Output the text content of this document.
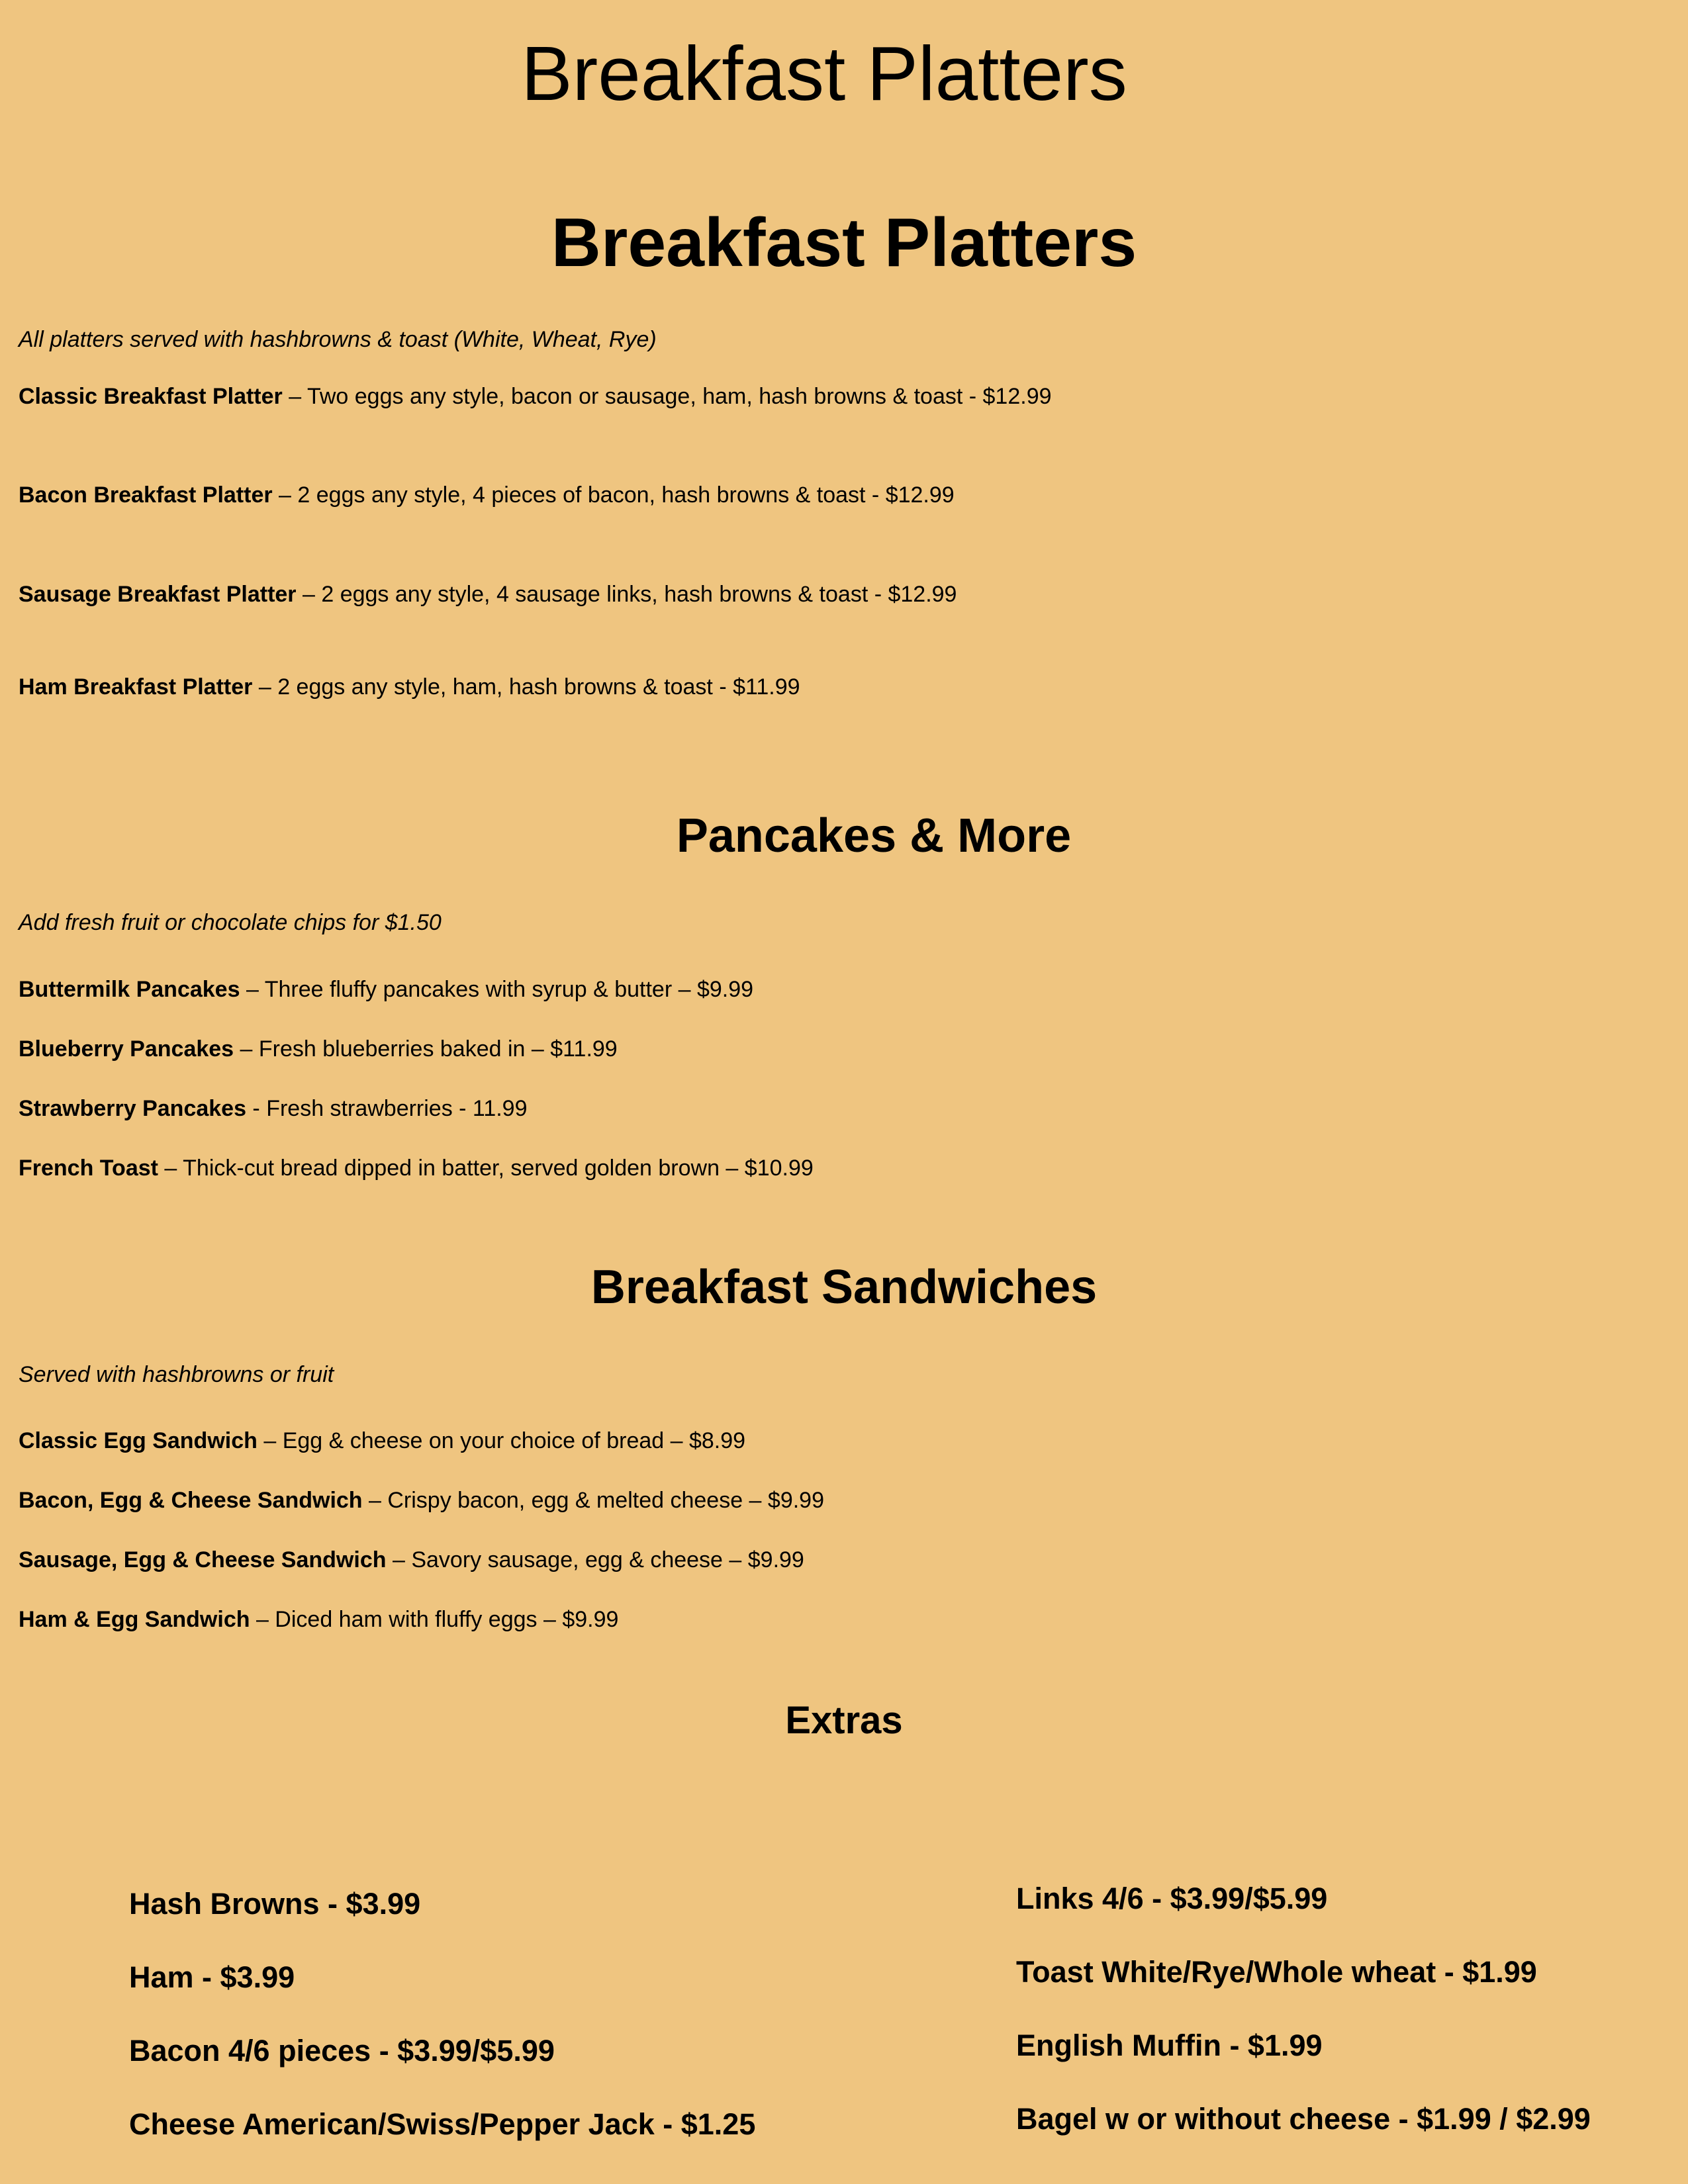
Breakfast Platters
Breakfast Platters

All platters served with hashbrowns & toast (White, Wheat, Rye)

Classic Breakfast Platter – Two eggs any style, bacon or sausage, ham, hash browns & toast - $12.99

Bacon Breakfast Platter – 2 eggs any style, 4 pieces of bacon, hash browns & toast - $12.99

Sausage Breakfast Platter – 2 eggs any style, 4 sausage links, hash browns & toast - $12.99

Ham Breakfast Platter – 2 eggs any style, ham, hash browns & toast - $11.99

Pancakes & More

Add fresh fruit or chocolate chips for $1.50

Buttermilk Pancakes – Three fluffy pancakes with syrup & butter – $9.99

Blueberry Pancakes – Fresh blueberries baked in – $11.99

Strawberry Pancakes - Fresh strawberries - 11.99

French Toast – Thick-cut bread dipped in batter, served golden brown – $10.99

Breakfast Sandwiches

Served with hashbrowns or fruit

Classic Egg Sandwich – Egg & cheese on your choice of bread – $8.99

Bacon, Egg & Cheese Sandwich – Crispy bacon, egg & melted cheese – $9.99

Sausage, Egg & Cheese Sandwich – Savory sausage, egg & cheese – $9.99

Ham & Egg Sandwich – Diced ham with fluffy eggs – $9.99

Extras
Hash Browns - $3.99
Ham - $3.99
Bacon 4/6 pieces - $3.99/$5.99
Cheese American/Swiss/Pepper Jack - $1.25
Links 4/6 - $3.99/$5.99
Toast White/Rye/Whole wheat - $1.99
English Muffin - $1.99
Bagel w or without cheese - $1.99 / $2.99
